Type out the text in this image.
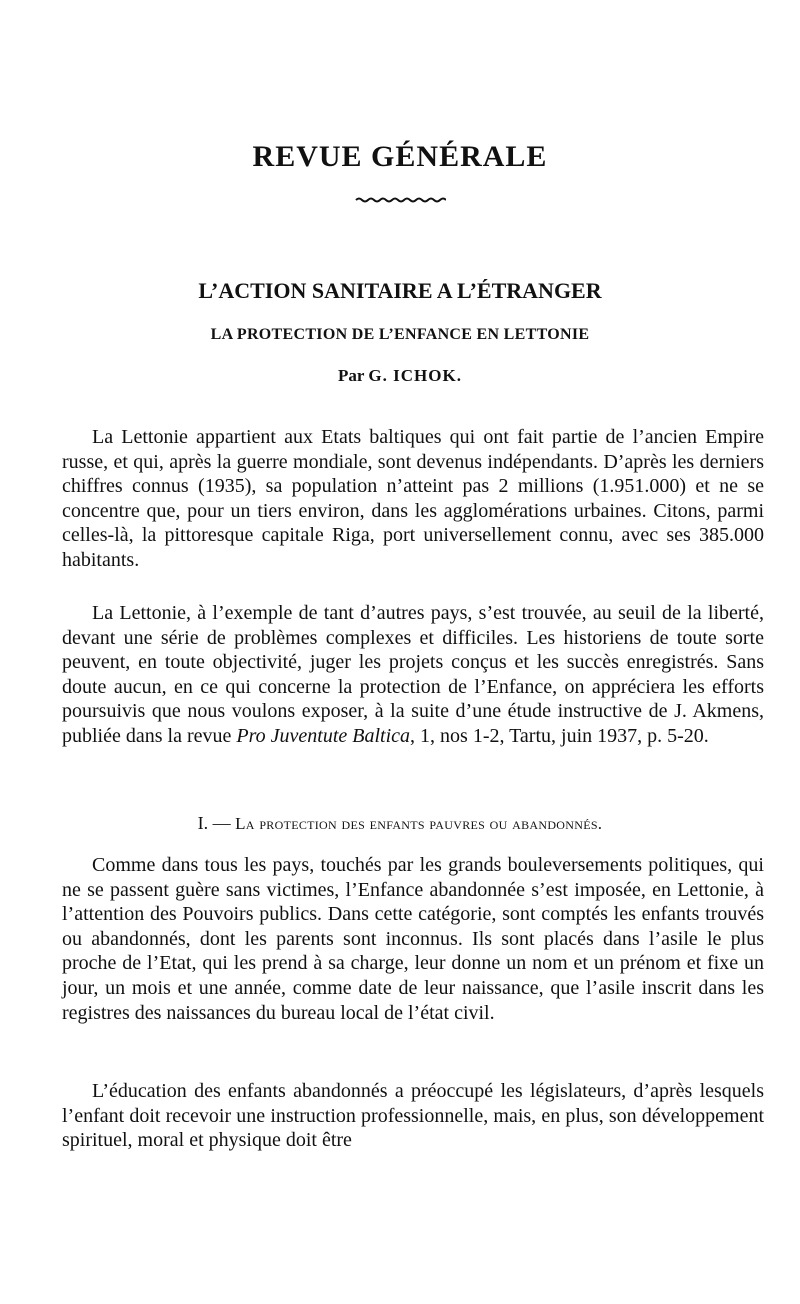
REVUE GÉNÉRALE
L’ACTION SANITAIRE A L’ÉTRANGER
LA PROTECTION DE L’ENFANCE EN LETTONIE
Par G. ICHOK.

La Lettonie appartient aux Etats baltiques qui ont fait partie de l’ancien Empire russe, et qui, après la guerre mondiale, sont devenus indépendants. D’après les derniers chiffres connus (1935), sa population n’atteint pas 2 millions (1.951.000) et ne se concentre que, pour un tiers environ, dans les agglomérations urbaines. Citons, parmi celles-là, la pittoresque capitale Riga, port universellement connu, avec ses 385.000 habitants.

La Lettonie, à l’exemple de tant d’autres pays, s’est trouvée, au seuil de la liberté, devant une série de problèmes complexes et difficiles. Les historiens de toute sorte peuvent, en toute objectivité, juger les projets conçus et les succès enregistrés. Sans doute aucun, en ce qui concerne la protection de l’Enfance, on appréciera les efforts poursuivis que nous voulons exposer, à la suite d’une étude instructive de J. Akmens, publiée dans la revue Pro Juventute Baltica, 1, nos 1-2, Tartu, juin 1937, p. 5-20.

I. — La protection des enfants pauvres ou abandonnés.

Comme dans tous les pays, touchés par les grands bouleversements politiques, qui ne se passent guère sans victimes, l’Enfance abandonnée s’est imposée, en Lettonie, à l’attention des Pouvoirs publics. Dans cette catégorie, sont comptés les enfants trouvés ou abandonnés, dont les parents sont inconnus. Ils sont placés dans l’asile le plus proche de l’Etat, qui les prend à sa charge, leur donne un nom et un prénom et fixe un jour, un mois et une année, comme date de leur naissance, que l’asile inscrit dans les registres des naissances du bureau local de l’état civil.

L’éducation des enfants abandonnés a préoccupé les législateurs, d’après lesquels l’enfant doit recevoir une instruction professionnelle, mais, en plus, son développement spirituel, moral et physique doit être
